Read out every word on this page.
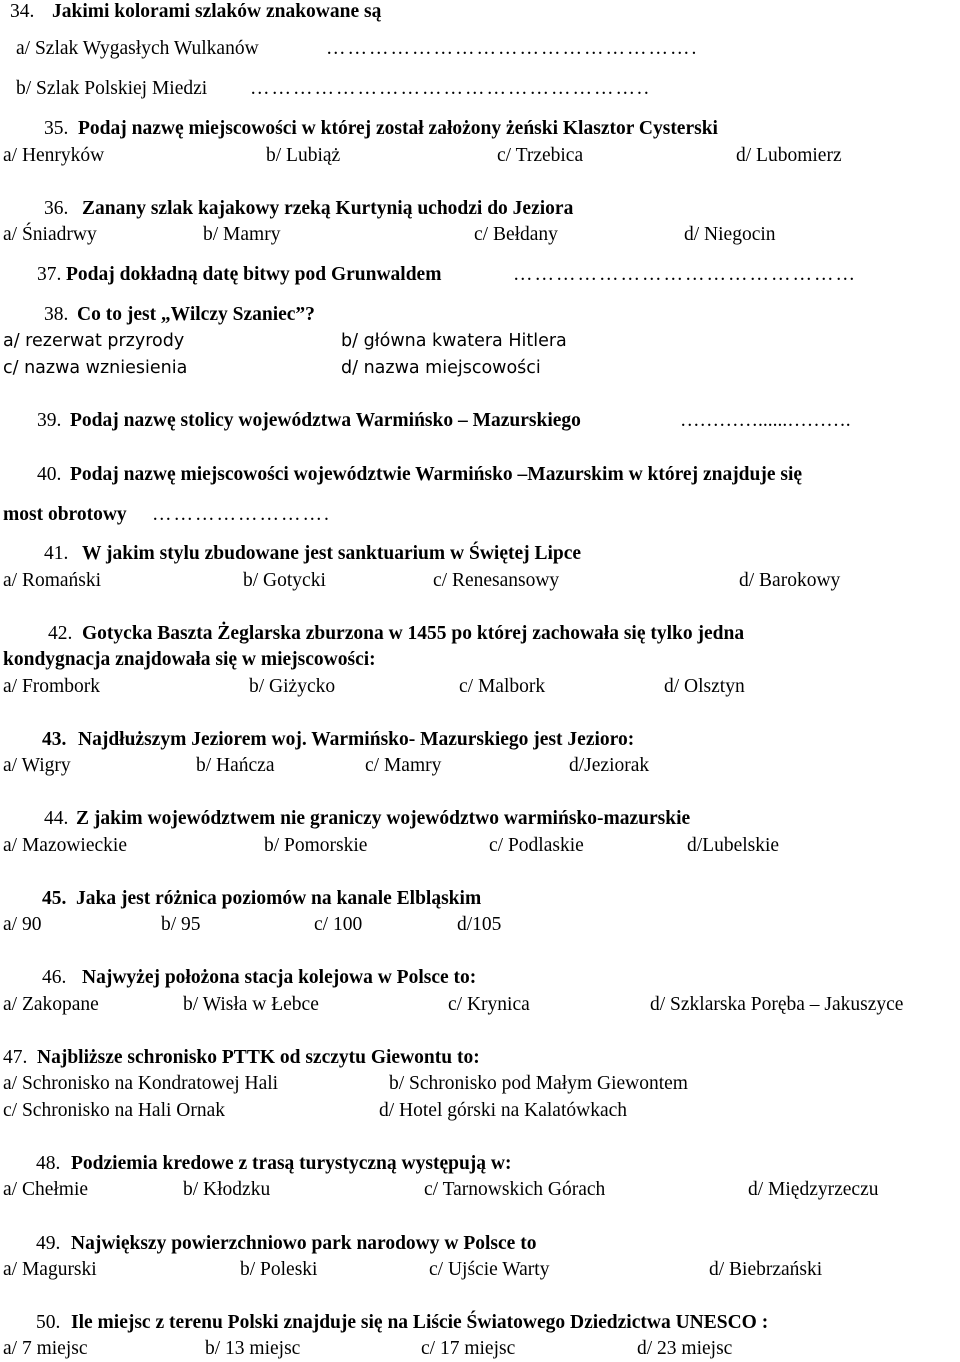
34. Jakimi kolorami szlaków znakowane są
a/ Szlak Wygasłych Wulkanów	…………………………………………….
b/ Szlak Polskiej Miedzi ………………………………………………..
35. Podaj nazwę miejscowości w której został założony żeński Klasztor Cysterski
a/ Henryków	b/ Lubiąż	c/ Trzebica	d/ Lubomierz
36. Zanany szlak kajakowy rzeką Kurtynią uchodzi do Jeziora
a/ Śniadrwy	b/ Mamry	c/ Bełdany	d/ Niegocin
37. Podaj dokładną datę bitwy pod Grunwaldem	…………………………………………
38. Co to jest „Wilczy Szaniec”?
a/ rezerwat przyrody	b/ główna kwatera Hitlera
c/ nazwa wzniesienia	d/ nazwa miejscowości
39. Podaj nazwę stolicy województwa Warmińsko – Mazurskiego	…………......……….
40. Podaj nazwę miejscowości województwie Warmińsko –Mazurskim w której znajduje się
most obrotowy …………………….
41. W jakim stylu zbudowane jest sanktuarium w Świętej Lipce
a/ Romański	b/ Gotycki	c/ Renesansowy	d/ Barokowy
42. Gotycka Baszta Żeglarska zburzona w 1455 po której zachowała się tylko jedna
kondygnacja znajdowała się w miejscowości:
a/ Frombork	b/ Giżycko	c/ Malbork	d/ Olsztyn
43. Najdłuższym Jeziorem woj. Warmińsko- Mazurskiego jest Jezioro:
a/ Wigry	b/ Hańcza	c/ Mamry	d/Jeziorak
44. Z jakim województwem nie graniczy województwo warmińsko-mazurskie
a/ Mazowieckie	b/ Pomorskie	c/ Podlaskie	d/Lubelskie
45. Jaka jest różnica poziomów na kanale Elbląskim
a/ 90	b/ 95	c/ 100	d/105
46. Najwyżej położona stacja kolejowa w Polsce to:
a/ Zakopane	b/ Wisła w Łebce	c/ Krynica	d/ Szklarska Poręba – Jakuszyce
47. Najbliższe schronisko PTTK od szczytu Giewontu to:
a/ Schronisko na Kondratowej Hali	b/ Schronisko pod Małym Giewontem
c/ Schronisko na Hali Ornak	d/ Hotel górski na Kalatówkach
48. Podziemia kredowe z trasą turystyczną występują w:
a/ Chełmie	b/ Kłodzku	c/ Tarnowskich Górach	d/ Międzyrzeczu
49. Największy powierzchniowo park narodowy w Polsce to
a/ Magurski	b/ Poleski	c/ Ujście Warty	d/ Biebrzański
50. Ile miejsc z terenu Polski znajduje się na Liście Światowego Dziedzictwa UNESCO :
a/ 7 miejsc	b/ 13 miejsc	c/ 17 miejsc	d/ 23 miejsc
